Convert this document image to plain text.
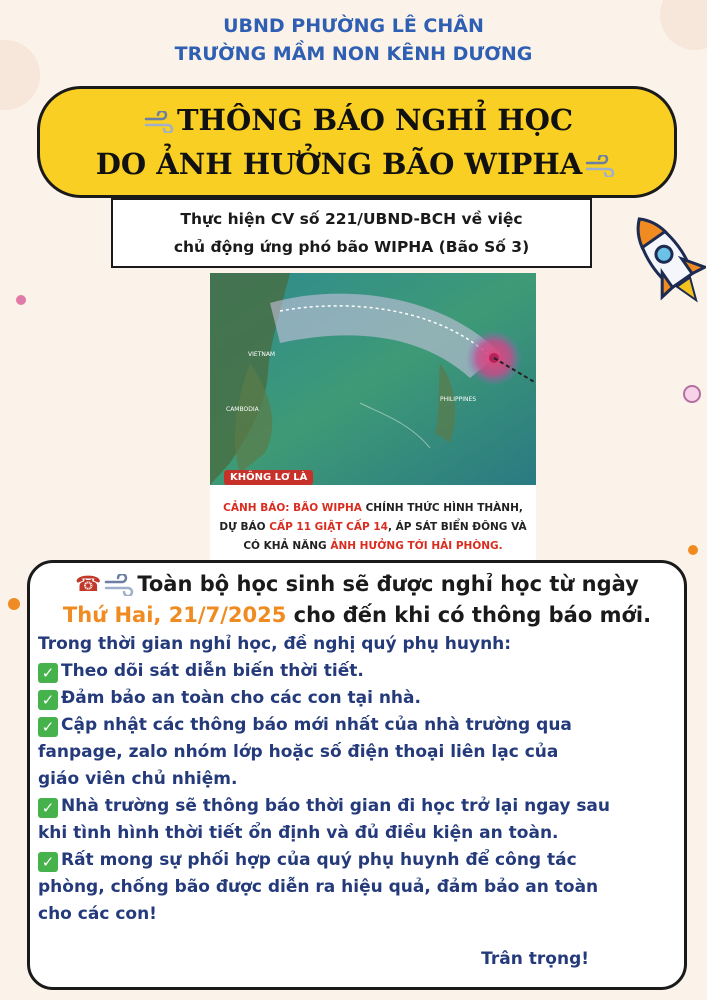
UBND PHƯỜNG LÊ CHÂN
TRƯỜNG MẦM NON KÊNH DƯƠNG
THÔNG BÁO NGHỈ HỌC
DO ẢNH HƯỞNG BÃO WIPHA
Thực hiện CV số 221/UBND-BCH về việc
chủ động ứng phó bão WIPHA (Bão Số 3)
VIETNAM
CAMBODIA
PHILIPPINES
KHÔNG LƠ LÀ
CẢNH BÁO: BÃO WIPHA CHÍNH THỨC HÌNH THÀNH,
DỰ BÁO CẤP 11 GIẬT CẤP 14, ÁP SÁT BIỂN ĐÔNG VÀ
CÓ KHẢ NĂNG ẢNH HƯỞNG TỚI HẢI PHÒNG.
☎ Toàn bộ học sinh sẽ được nghỉ học từ ngày
Thứ Hai, 21/7/2025 cho đến khi có thông báo mới.
Trong thời gian nghỉ học, đề nghị quý phụ huynh:
✓ Theo dõi sát diễn biến thời tiết.
✓ Đảm bảo an toàn cho các con tại nhà.
✓ Cập nhật các thông báo mới nhất của nhà trường qua
fanpage, zalo nhóm lớp hoặc số điện thoại liên lạc của
giáo viên chủ nhiệm.
✓ Nhà trường sẽ thông báo thời gian đi học trở lại ngay sau
khi tình hình thời tiết ổn định và đủ điều kiện an toàn.
✓ Rất mong sự phối hợp của quý phụ huynh để công tác
phòng, chống bão được diễn ra hiệu quả, đảm bảo an toàn
cho các con!
Trân trọng!
